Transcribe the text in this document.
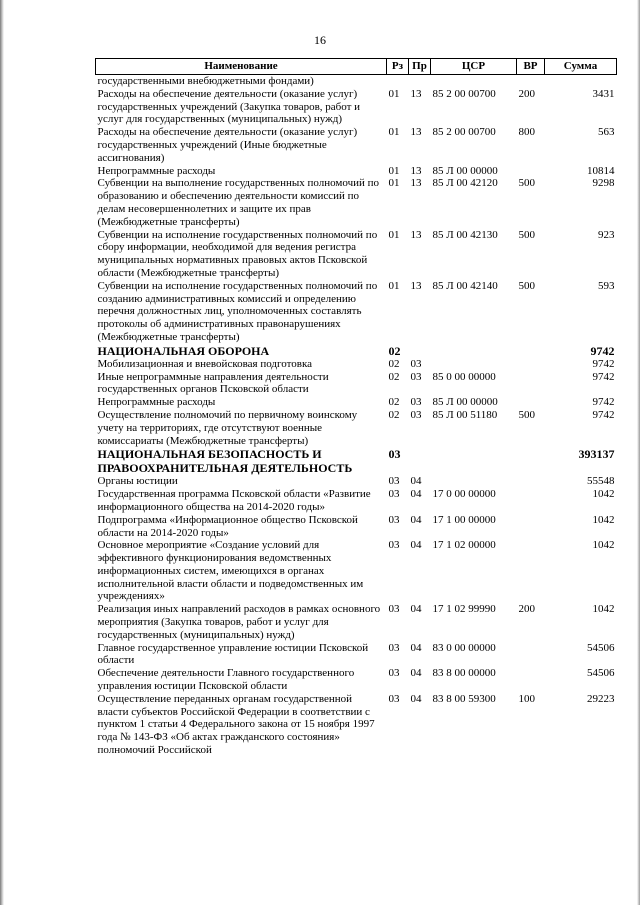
16
Наименование	Рз	Пр	ЦСР	ВР	Сумма
государственными внебюджетными фондами)					
Расходы на обеспечение деятельности (оказание услуг) государственных учреждений (Закупка товаров, работ и услуг для государственных (муниципальных) нужд)	01	13	85 2 00 00700	200	3431
Расходы на обеспечение деятельности (оказание услуг) государственных учреждений (Иные бюджетные ассигнования)	01	13	85 2 00 00700	800	563
Непрограммные расходы	01	13	85 Л 00 00000		10814
Субвенции на выполнение государственных полномочий по образованию и обеспечению деятельности комиссий по делам несовершеннолетних и защите их прав (Межбюджетные трансферты)	01	13	85 Л 00 42120	500	9298
Субвенции на исполнение государственных полномочий по сбору информации, необходимой для ведения регистра муниципальных нормативных правовых актов Псковской области (Межбюджетные трансферты)	01	13	85 Л 00 42130	500	923
Субвенции на исполнение государственных полномочий по созданию административных комиссий и определению перечня должностных лиц, уполномоченных составлять протоколы об административных правонарушениях (Межбюджетные трансферты)	01	13	85 Л 00 42140	500	593
НАЦИОНАЛЬНАЯ ОБОРОНА	02				9742
Мобилизационная и вневойсковая подготовка	02	03			9742
Иные непрограммные направления деятельности государственных органов Псковской области	02	03	85 0 00 00000		9742
Непрограммные расходы	02	03	85 Л 00 00000		9742
Осуществление полномочий по первичному воинскому учету на территориях, где отсутствуют военные комиссариаты (Межбюджетные трансферты)	02	03	85 Л 00 51180	500	9742
НАЦИОНАЛЬНАЯ БЕЗОПАСНОСТЬ И ПРАВООХРАНИТЕЛЬНАЯ ДЕЯТЕЛЬНОСТЬ	03				393137
Органы юстиции	03	04			55548
Государственная программа Псковской области «Развитие информационного общества на 2014-2020 годы»	03	04	17 0 00 00000		1042
Подпрограмма «Информационное общество Псковской области на 2014-2020 годы»	03	04	17 1 00 00000		1042
Основное мероприятие «Создание условий для эффективного функционирования ведомственных информационных систем, имеющихся в органах исполнительной власти области и подведомственных им учреждениях»	03	04	17 1 02 00000		1042
Реализация иных направлений расходов в рамках основного мероприятия (Закупка товаров, работ и услуг для государственных (муниципальных) нужд)	03	04	17 1 02 99990	200	1042
Главное государственное управление юстиции Псковской области	03	04	83 0 00 00000		54506
Обеспечение деятельности Главного государственного управления юстиции Псковской области	03	04	83 8 00 00000		54506
Осуществление переданных органам государственной власти субъектов Российской Федерации в соответствии с пунктом 1 статьи 4 Федерального закона от 15 ноября 1997 года № 143-ФЗ «Об актах гражданского состояния» полномочий Российской	03	04	83 8 00 59300	100	29223
